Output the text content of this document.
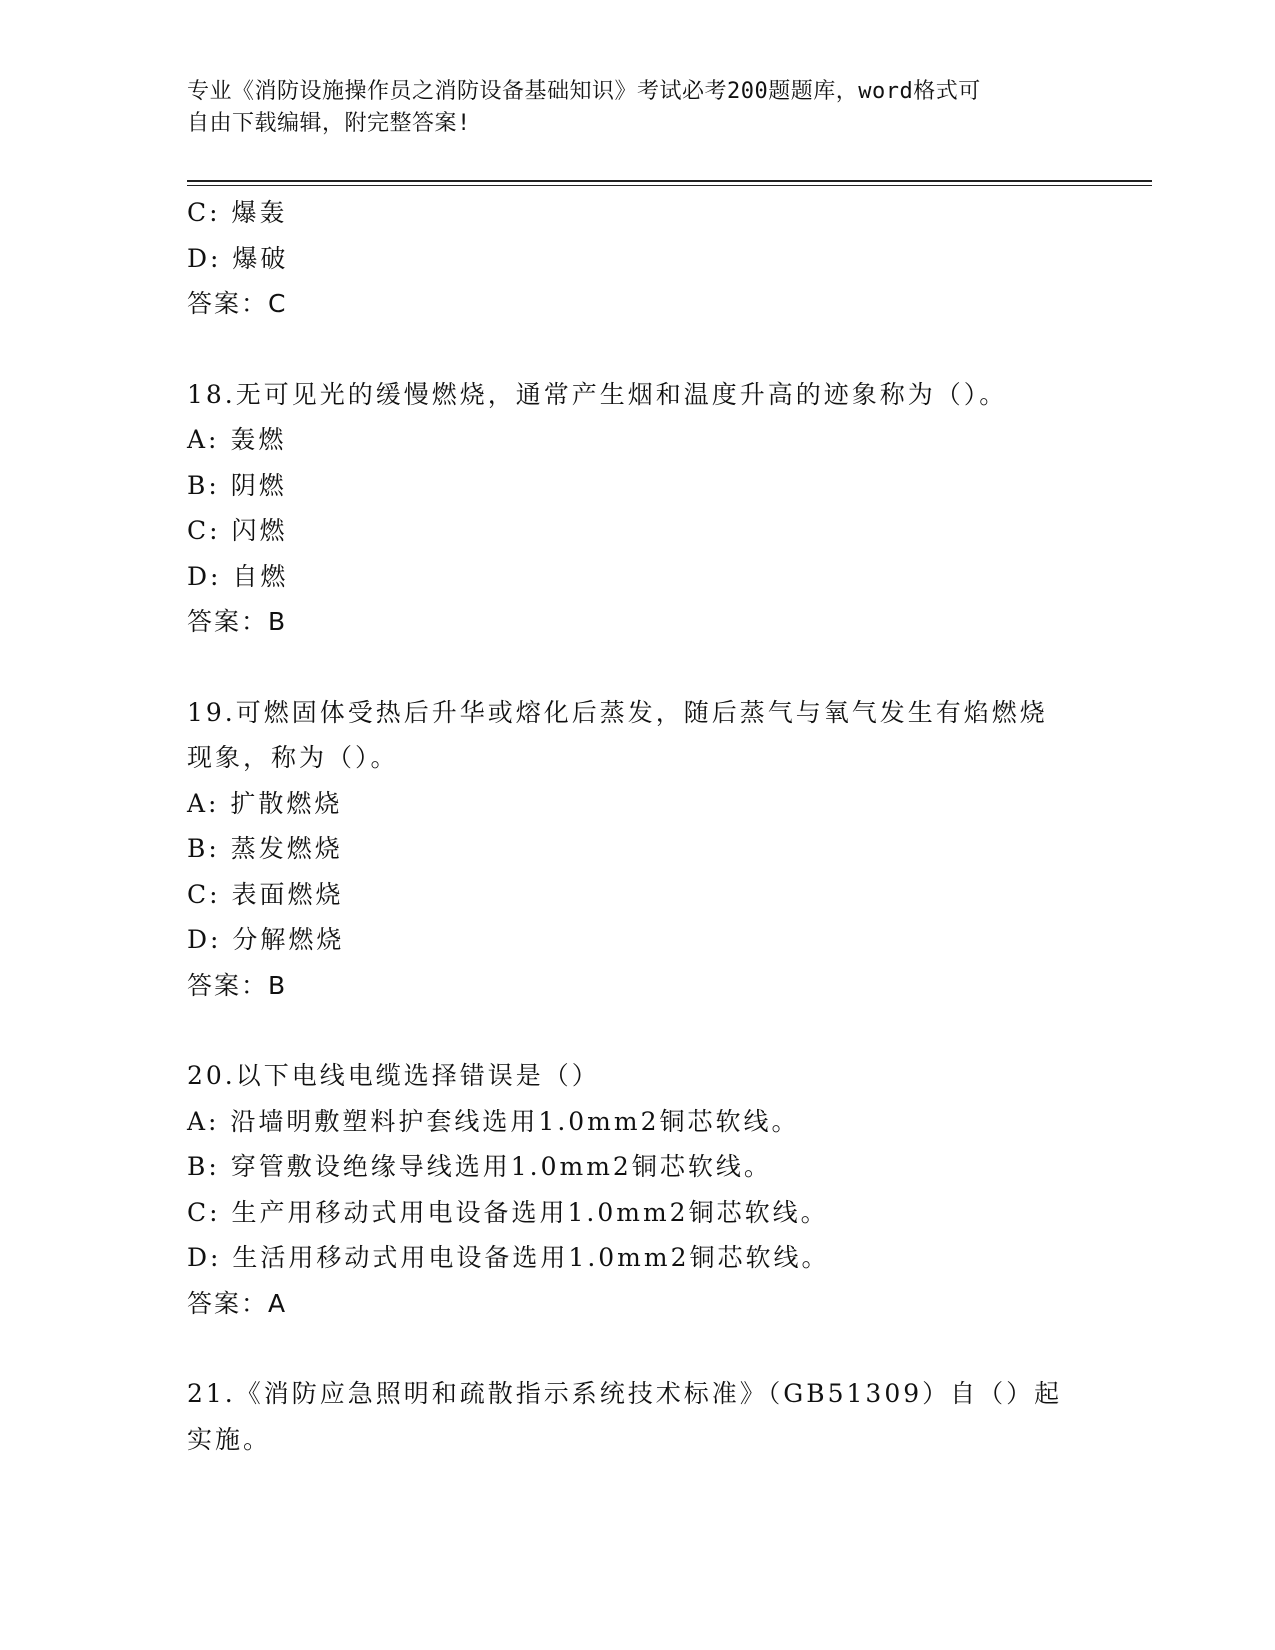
专业《消防设施操作员之消防设备基础知识》考试必考200题题库，word格式可
自由下载编辑，附完整答案!
C: 爆轰
D: 爆破
答案：C
18.无可见光的缓慢燃烧，通常产生烟和温度升高的迹象称为（）。
A: 轰燃
B: 阴燃
C: 闪燃
D: 自燃
答案：B
19.可燃固体受热后升华或熔化后蒸发，随后蒸气与氧气发生有焰燃烧
现象，称为（）。
A: 扩散燃烧
B: 蒸发燃烧
C: 表面燃烧
D: 分解燃烧
答案：B
20.以下电线电缆选择错误是（）
A: 沿墙明敷塑料护套线选用1.0mm2铜芯软线。
B: 穿管敷设绝缘导线选用1.0mm2铜芯软线。
C: 生产用移动式用电设备选用1.0mm2铜芯软线。
D: 生活用移动式用电设备选用1.0mm2铜芯软线。
答案：A
21.《消防应急照明和疏散指示系统技术标准》（GB51309）自（）起
实施。
